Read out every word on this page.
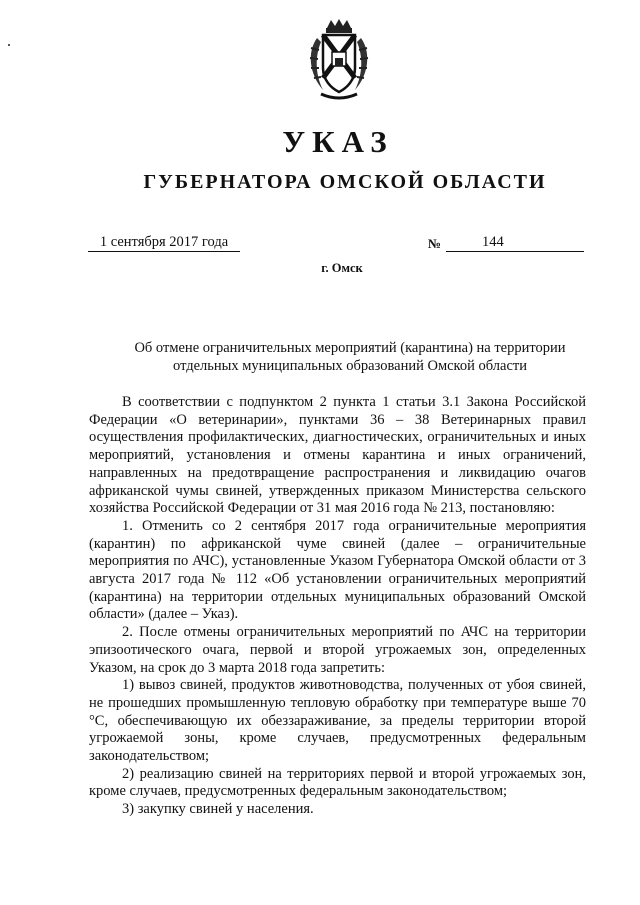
УКАЗ
ГУБЕРНАТОРА ОМСКОЙ ОБЛАСТИ
1 сентября 2017 года	№	144
г. Омск
Об отмене ограничительных мероприятий (карантина) на территории
отдельных муниципальных образований Омской области

В соответствии с подпунктом 2 пункта 1 статьи 3.1 Закона Российской Федерации «О ветеринарии», пунктами 36 – 38 Ветеринарных правил осуществления профилактических, диагностических, ограничительных и иных мероприятий, установления и отмены карантина и иных ограничений, направленных на предотвращение распространения и ликвидацию очагов африканской чумы свиней, утвержденных приказом Министерства сельского хозяйства Российской Федерации от 31 мая 2016 года № 213, постановляю:

1. Отменить со 2 сентября 2017 года ограничительные мероприятия (карантин) по африканской чуме свиней (далее – ограничительные мероприятия по АЧС), установленные Указом Губернатора Омской области от 3 августа 2017 года № 112 «Об установлении ограничительных мероприятий (карантина) на территории отдельных муниципальных образований Омской области» (далее – Указ).

2. После отмены ограничительных мероприятий по АЧС на территории эпизоотического очага, первой и второй угрожаемых зон, определенных Указом, на срок до 3 марта 2018 года запретить:

1) вывоз свиней, продуктов животноводства, полученных от убоя свиней, не прошедших промышленную тепловую обработку при температуре выше 70 °С, обеспечивающую их обеззараживание, за пределы территории второй угрожаемой зоны, кроме случаев, предусмотренных федеральным законодательством;

2) реализацию свиней на территориях первой и второй угрожаемых зон, кроме случаев, предусмотренных федеральным законодательством;

3) закупку свиней у населения.
